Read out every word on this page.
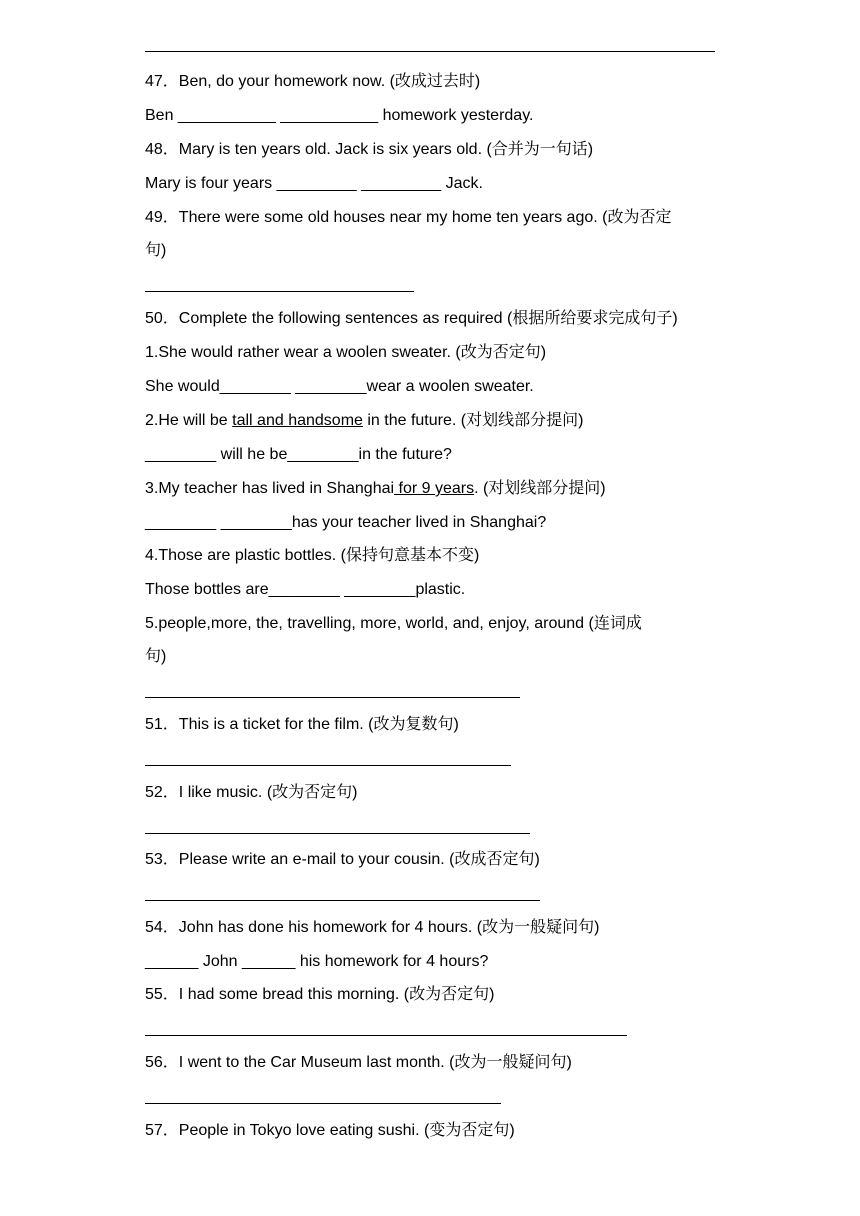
47．Ben, do your homework now. (改成过去时)
Ben ___________ ___________ homework yesterday.
48．Mary is ten years old. Jack is six years old. (合并为一句话)
Mary is four years _________ _________ Jack.
49．There were some old houses near my home ten years ago. (改为否定
句)
50．Complete the following sentences as required (根据所给要求完成句子)
1.She would rather wear a woolen sweater. (改为否定句)
She would________ ________wear a woolen sweater.
2.He will be tall and handsome in the future. (对划线部分提问)
________ will he be________in the future?
3.My teacher has lived in Shanghai for 9 years. (对划线部分提问)
________ ________has your teacher lived in Shanghai?
4.Those are plastic bottles. (保持句意基本不变)
Those bottles are________ ________plastic.
5.people,more, the, travelling, more, world, and, enjoy, around (连词成
句)
51．This is a ticket for the film. (改为复数句)
52．I like music. (改为否定句)
53．Please write an e-mail to your cousin. (改成否定句)
54．John has done his homework for 4 hours. (改为一般疑问句)
______ John ______ his homework for 4 hours?
55．I had some bread this morning. (改为否定句)
56．I went to the Car Museum last month. (改为一般疑问句)
57．People in Tokyo love eating sushi. (变为否定句)
